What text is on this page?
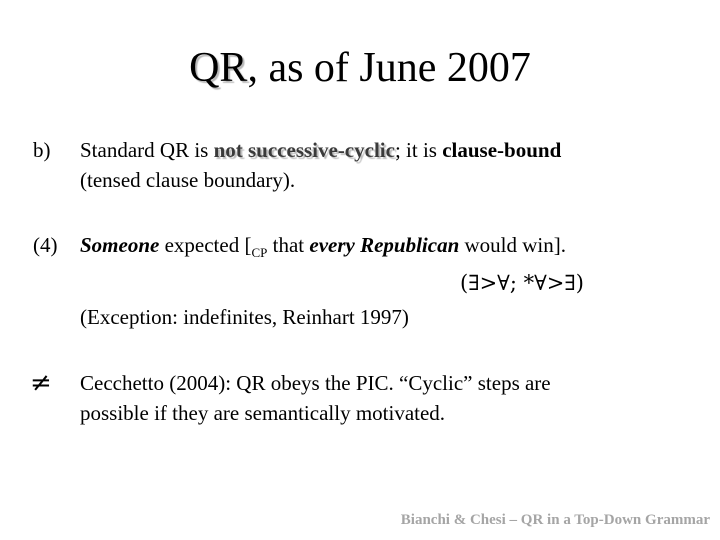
QR, as of June 2007
b) Standard QR is not successive-cyclic; it is clause-bound
(tensed clause boundary).
(4) Someone expected [$_{CP}$ that every Republican would win].
(∃>∀; *∀>∃)
(Exception: indefinites, Reinhart 1997)
≠ Cecchetto (2004): QR obeys the PIC. “Cyclic” steps are
possible if they are semantically motivated.
Bianchi & Chesi – QR in a Top-Down Grammar
